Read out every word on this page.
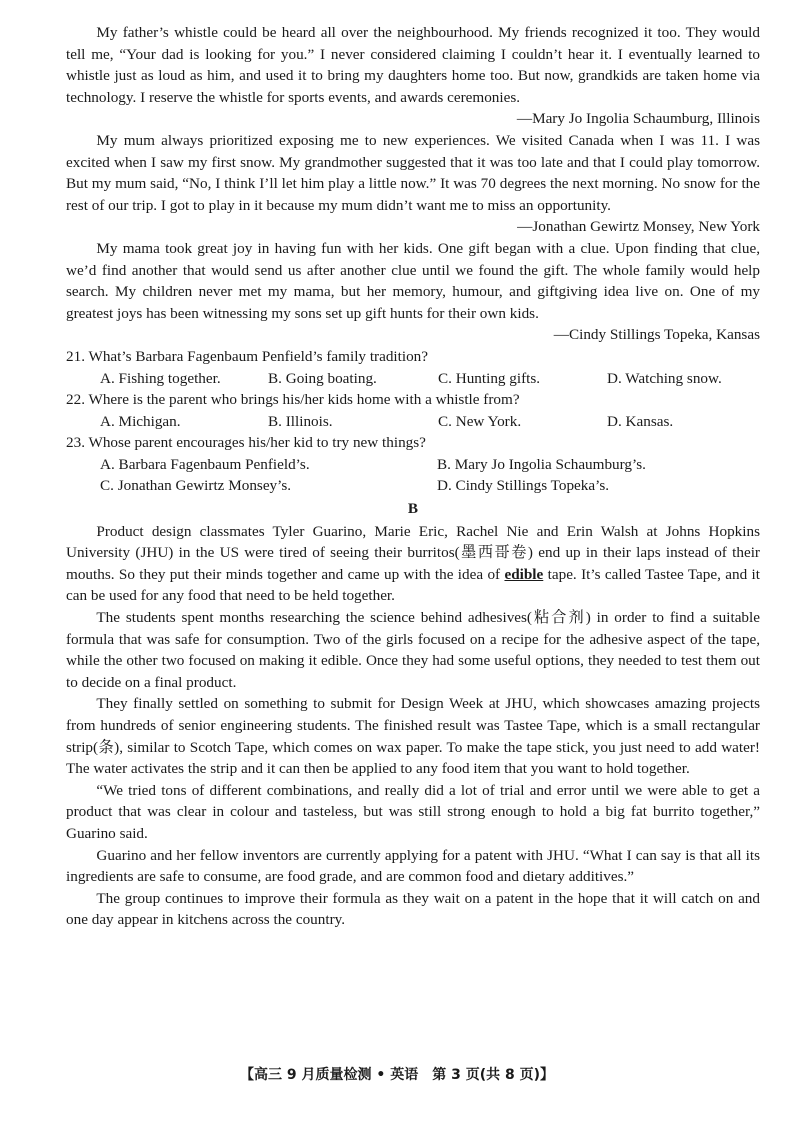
My father’s whistle could be heard all over the neighbourhood. My friends recognized it too. They would tell me, “Your dad is looking for you.” I never considered claiming I couldn’t hear it. I eventually learned to whistle just as loud as him, and used it to bring my daughters home too. But now, grandkids are taken home via technology. I reserve the whistle for sports events, and awards ceremonies.

—Mary Jo Ingolia Schaumburg, Illinois

My mum always prioritized exposing me to new experiences. We visited Canada when I was 11. I was excited when I saw my first snow. My grandmother suggested that it was too late and that I could play tomorrow. But my mum said, “No, I think I’ll let him play a little now.” It was 70 degrees the next morning. No snow for the rest of our trip. I got to play in it because my mum didn’t want me to miss an opportunity.

—Jonathan Gewirtz Monsey, New York

My mama took great joy in having fun with her kids. One gift began with a clue. Upon finding that clue, we’d find another that would send us after another clue until we found the gift. The whole family would help search. My children never met my mama, but her memory, humour, and giftgiving idea live on. One of my greatest joys has been witnessing my sons set up gift hunts for their own kids.

—Cindy Stillings Topeka, Kansas

21. What’s Barbara Fagenbaum Penfield’s family tradition?

A. Fishing together.	B. Going boating.	C. Hunting gifts.	D. Watching snow.

22. Where is the parent who brings his/her kids home with a whistle from?

A. Michigan.	B. Illinois.	C. New York.	D. Kansas.

23. Whose parent encourages his/her kid to try new things?

A. Barbara Fagenbaum Penfield’s.	B. Mary Jo Ingolia Schaumburg’s.
C. Jonathan Gewirtz Monsey’s.	D. Cindy Stillings Topeka’s.
B

Product design classmates Tyler Guarino, Marie Eric, Rachel Nie and Erin Walsh at Johns Hopkins University (JHU) in the US were tired of seeing their burritos(墨西哥卷) end up in their laps instead of their mouths. So they put their minds together and came up with the idea of edible tape. It’s called Tastee Tape, and it can be used for any food that need to be held together.

The students spent months researching the science behind adhesives(粘合剂) in order to find a suitable formula that was safe for consumption. Two of the girls focused on a recipe for the adhesive aspect of the tape, while the other two focused on making it edible. Once they had some useful options, they needed to test them out to decide on a final product.

They finally settled on something to submit for Design Week at JHU, which showcases amazing projects from hundreds of senior engineering students. The finished result was Tastee Tape, which is a small rectangular strip(条), similar to Scotch Tape, which comes on wax paper. To make the tape stick, you just need to add water! The water activates the strip and it can then be applied to any food item that you want to hold together.

“We tried tons of different combinations, and really did a lot of trial and error until we were able to get a product that was clear in colour and tasteless, but was still strong enough to hold a big fat burrito together,” Guarino said.

Guarino and her fellow inventors are currently applying for a patent with JHU. “What I can say is that all its ingredients are safe to consume, are food grade, and are common food and dietary additives.”

The group continues to improve their formula as they wait on a patent in the hope that it will catch on and one day appear in kitchens across the country.

【高三 9 月质量检测 • 英语　第 3 页(共 8 页)】
